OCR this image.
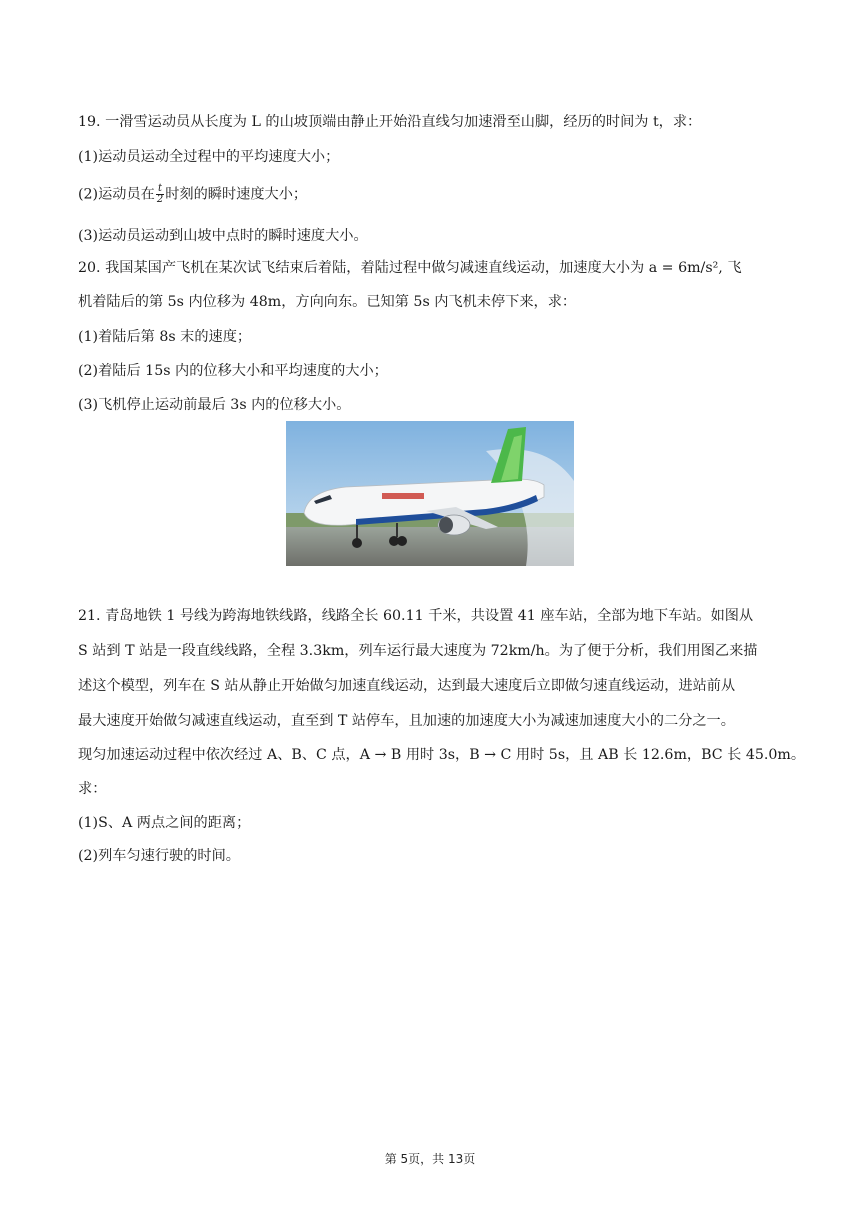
19. 一滑雪运动员从长度为 L 的山坡顶端由静止开始沿直线匀加速滑至山脚，经历的时间为 t，求：
(1)运动员运动全过程中的平均速度大小；
(2)运动员在 $\frac{t}{2}$ 时刻的瞬时速度大小；
(3)运动员运动到山坡中点时的瞬时速度大小。
20. 我国某国产飞机在某次试飞结束后着陆，着陆过程中做匀减速直线运动，加速度大小为 a = 6m/s², 飞
机着陆后的第 5s 内位移为 48m，方向向东。已知第 5s 内飞机未停下来，求：
(1)着陆后第 8s 末的速度；
(2)着陆后 15s 内的位移大小和平均速度的大小；
(3)飞机停止运动前最后 3s 内的位移大小。
21. 青岛地铁 1 号线为跨海地铁线路，线路全长 60.11 千米，共设置 41 座车站，全部为地下车站。如图从
S 站到 T 站是一段直线线路，全程 3.3km，列车运行最大速度为 72km/h。为了便于分析，我们用图乙来描
述这个模型，列车在 S 站从静止开始做匀加速直线运动，达到最大速度后立即做匀速直线运动，进站前从
最大速度开始做匀减速直线运动，直至到 T 站停车，且加速的加速度大小为减速加速度大小的二分之一。
现匀加速运动过程中依次经过 A、B、C 点，A → B 用时 3s，B → C 用时 5s，且 AB 长 12.6m，BC 长 45.0m。
求：
(1)S、A 两点之间的距离；
(2)列车匀速行驶的时间。
第 5页，共 13页
